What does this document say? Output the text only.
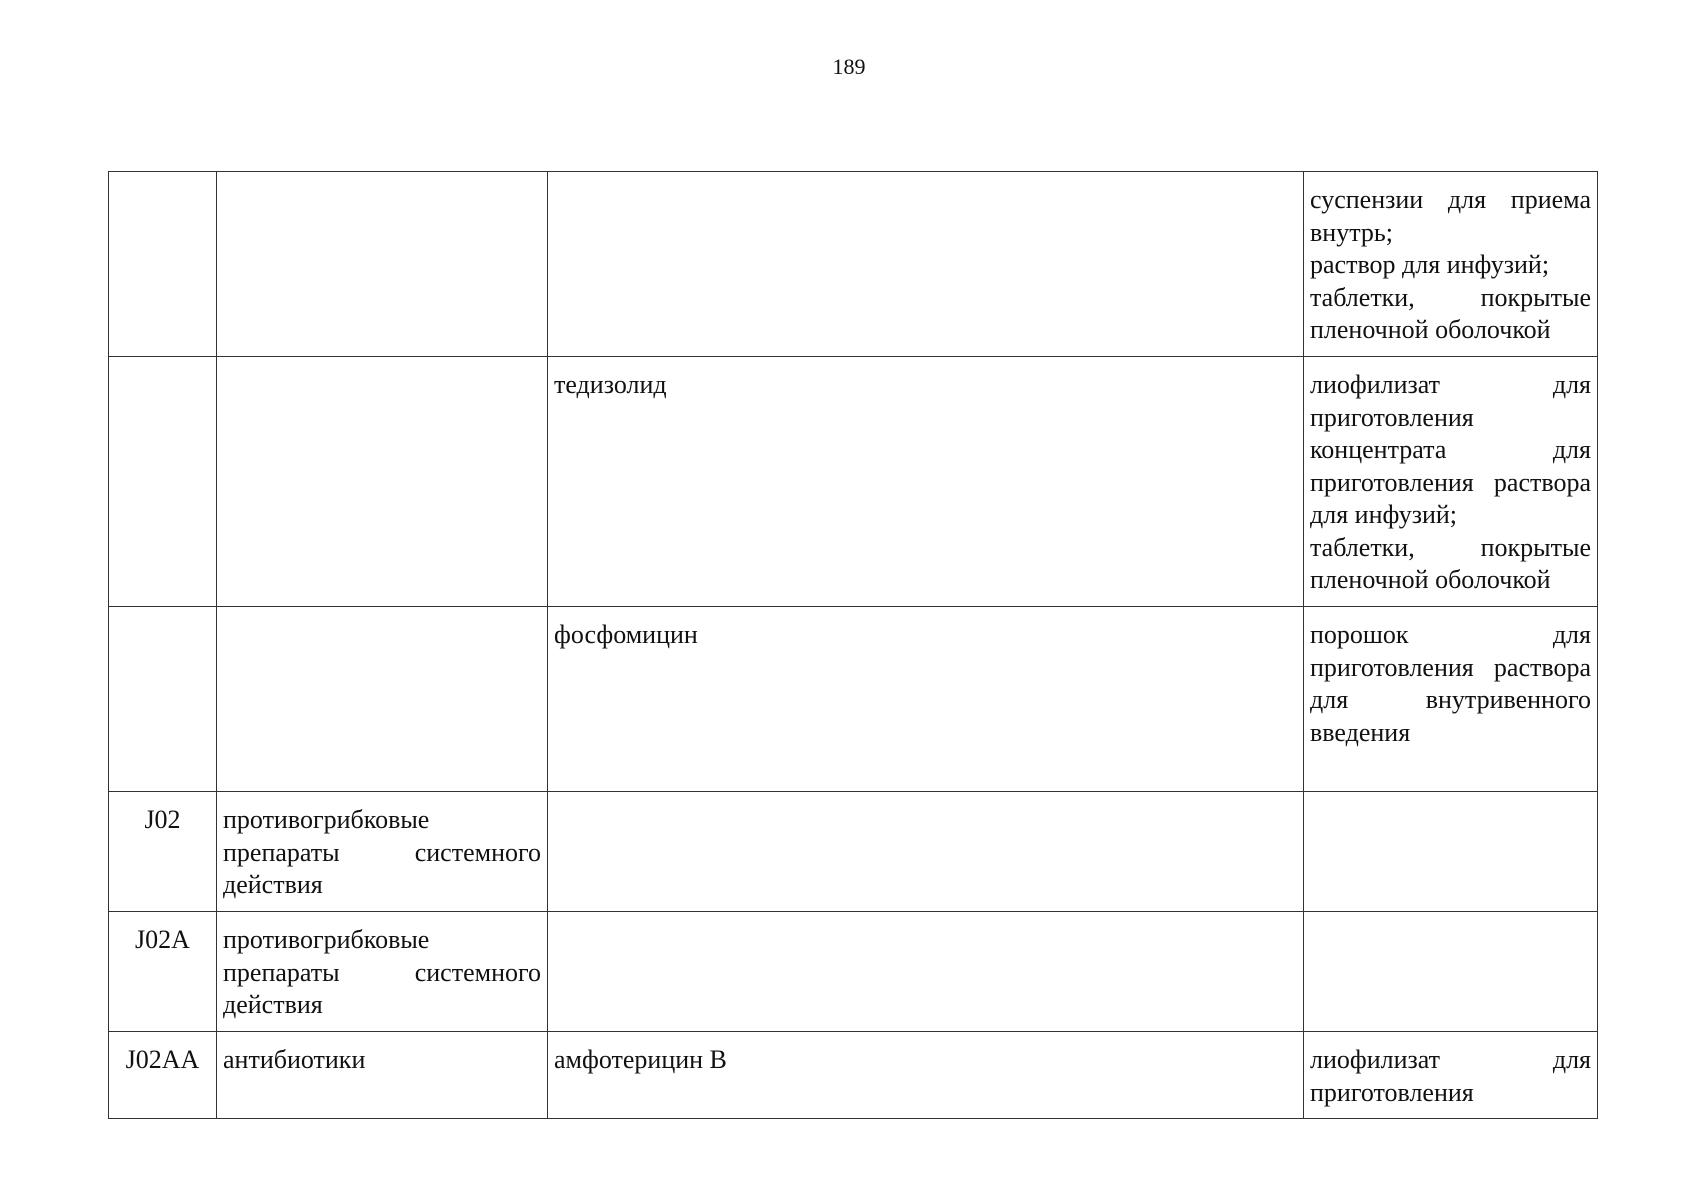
189

			суспензии для приема внутрь;
раствор для инфузий;
таблетки, покрытые пленочной оболочкой

		тедизолид	лиофилизат для приготовления концентрата для приготовления раствора для инфузий;
таблетки, покрытые пленочной оболочкой

		фосфомицин	порошок для приготовления раствора для внутривенного введения

J02	противогрибковые препараты системного действия		
J02A	противогрибковые препараты системного действия		
J02AA	антибиотики	амфотерицин B	лиофилизат для приготовления
